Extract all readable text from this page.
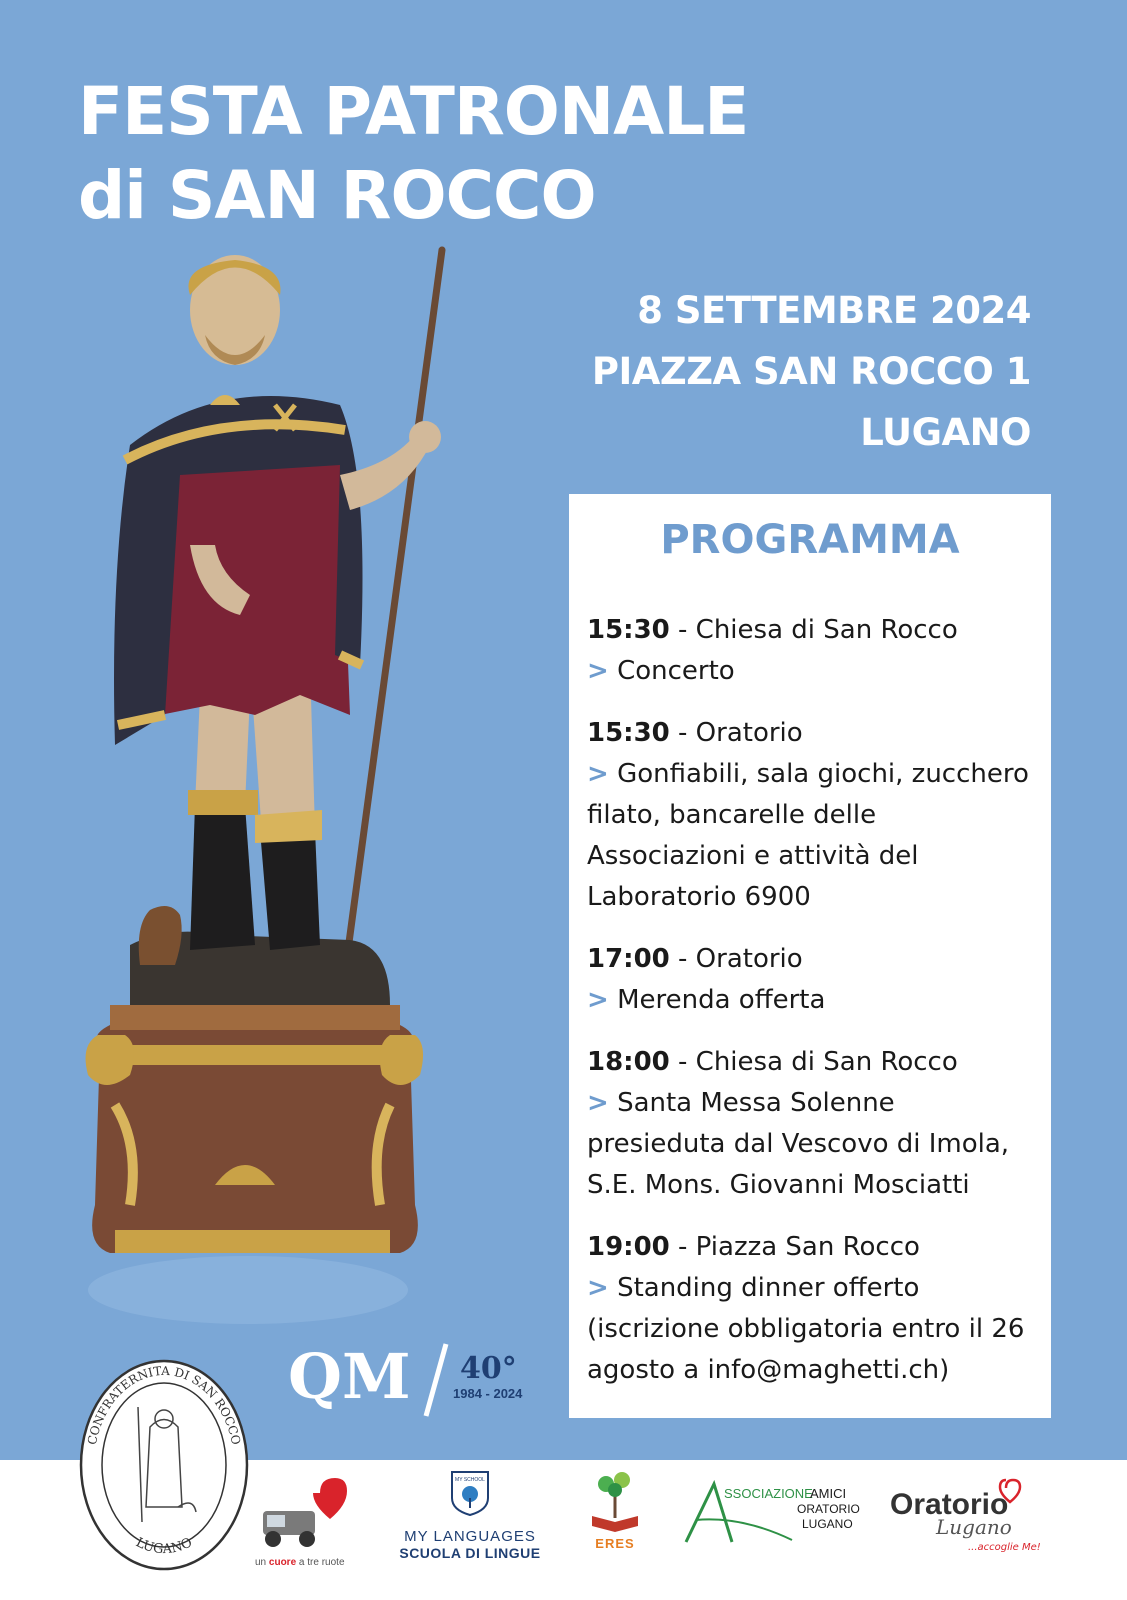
FESTA PATRONALE
di SAN ROCCO
8 SETTEMBRE 2024
PIAZZA SAN ROCCO 1
LUGANO
PROGRAMMA
15:30 - Chiesa di San Rocco
> Concerto
15:30 - Oratorio
> Gonfiabili, sala giochi, zucchero filato, bancarelle delle Associazioni e attività del Laboratorio 6900
17:00 - Oratorio
> Merenda offerta
18:00 - Chiesa di San Rocco
> Santa Messa Solenne presieduta dal Vescovo di Imola, S.E. Mons. Giovanni Mosciatti
19:00 - Piazza San Rocco
> Standing dinner offerto (iscrizione obbligatoria entro il 26 agosto a info@maghetti.ch)
QM 40°
1984 - 2024
CONFRATERNITA DI SAN ROCCO
LUGANO
un cuore a tre ruote
MY SCHOOL
MY LANGUAGES
SCUOLA DI LINGUE
ERES
SSOCIAZIONE
AMICI
ORATORIO
LUGANO
Oratorio
Lugano
...accoglie Me!
